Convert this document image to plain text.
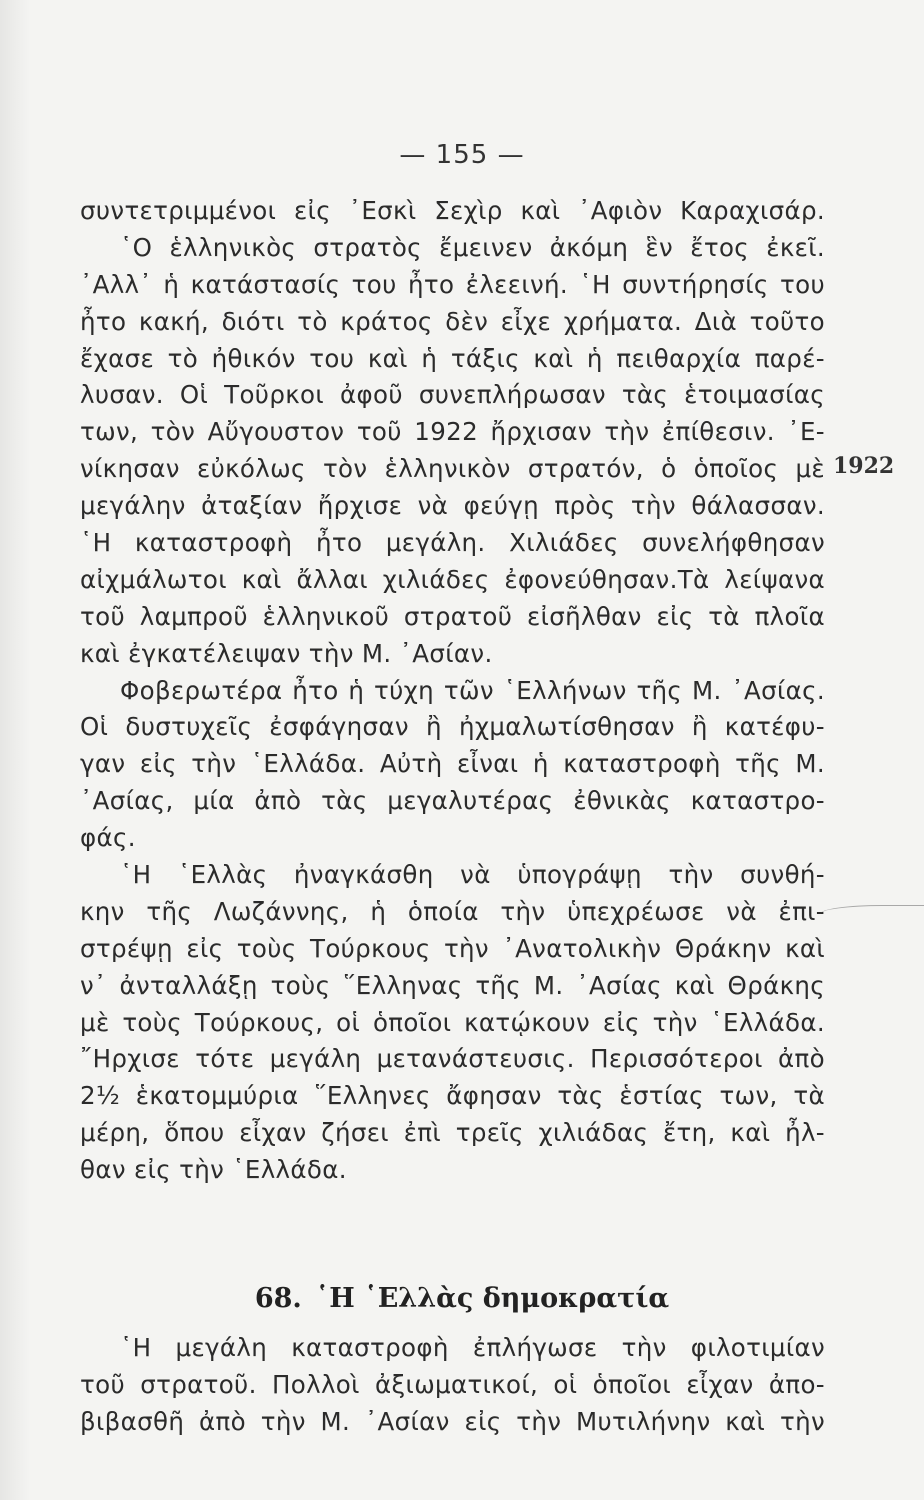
— 155 —
συντετριμμένοι εἰς ᾿Εσκὶ Σεχὶρ καὶ ᾿Αφιὸν Καραχισάρ.
῾Ο ἑλληνικὸς στρατὸς ἔμεινεν ἀκόμη ἓν ἔτος ἐκεῖ.
᾿Αλλ᾿ ἡ κατάστασίς του ἦτο ἐλεεινή. ῾Η συντήρησίς του
ἦτο κακή, διότι τὸ κράτος δὲν εἶχε χρήματα. Διὰ τοῦτο
ἔχασε τὸ ἠθικόν του καὶ ἡ τάξις καὶ ἡ πειθαρχία παρέ-
λυσαν. Οἱ Τοῦρκοι ἀφοῦ συνεπλήρωσαν τὰς ἑτοιμασίας
των, τὸν Αὔγουστον τοῦ 1922 ἤρχισαν τὴν ἐπίθεσιν. ᾿Ε-
νίκησαν εὐκόλως τὸν ἑλληνικὸν στρατόν, ὁ ὁποῖος μὲ
μεγάλην ἀταξίαν ἤρχισε νὰ φεύγῃ πρὸς τὴν θάλασσαν.
῾Η καταστροφὴ ἦτο μεγάλη. Χιλιάδες συνελήφθησαν
αἰχμάλωτοι καὶ ἄλλαι χιλιάδες ἐφονεύθησαν.Τὰ λείψανα
τοῦ λαμπροῦ ἑλληνικοῦ στρατοῦ εἰσῆλθαν εἰς τὰ πλοῖα
καὶ ἐγκατέλειψαν τὴν Μ. ᾿Ασίαν.
Φοβερωτέρα ἦτο ἡ τύχη τῶν ῾Ελλήνων τῆς Μ. ᾿Ασίας.
Οἱ δυστυχεῖς ἐσφάγησαν ἢ ἠχμαλωτίσθησαν ἢ κατέφυ-
γαν εἰς τὴν ῾Ελλάδα. Αὐτὴ εἶναι ἡ καταστροφὴ τῆς Μ.
᾿Ασίας, μία ἀπὸ τὰς μεγαλυτέρας ἐθνικὰς καταστρο-
φάς.
῾Η ῾Ελλὰς ἠναγκάσθη νὰ ὑπογράψῃ τὴν συνθή-
κην τῆς Λωζάννης, ἡ ὁποία τὴν ὑπεχρέωσε νὰ ἐπι-
στρέψῃ εἰς τοὺς Τούρκους τὴν ᾿Ανατολικὴν Θράκην καὶ
ν᾿ ἀνταλλάξῃ τοὺς ῞Ελληνας τῆς Μ. ᾿Ασίας καὶ Θράκης
μὲ τοὺς Τούρκους, οἱ ὁποῖοι κατῴκουν εἰς τὴν ῾Ελλάδα.
῎Ηρχισε τότε μεγάλη μετανάστευσις. Περισσότεροι ἀπὸ
2½ ἑκατομμύρια ῞Ελληνες ἄφησαν τὰς ἑστίας των, τὰ
μέρη, ὅπου εἶχαν ζήσει ἐπὶ τρεῖς χιλιάδας ἔτη, καὶ ἦλ-
θαν εἰς τὴν ῾Ελλάδα.
1922
68. ῾Η ῾Ελλὰς δημοκρατία
῾Η μεγάλη καταστροφὴ ἐπλήγωσε τὴν φιλοτιμίαν
τοῦ στρατοῦ. Πολλοὶ ἀξιωματικοί, οἱ ὁποῖοι εἶχαν ἀπο-
βιβασθῆ ἀπὸ τὴν Μ. ᾿Ασίαν εἰς τὴν Μυτιλήνην καὶ τὴν
